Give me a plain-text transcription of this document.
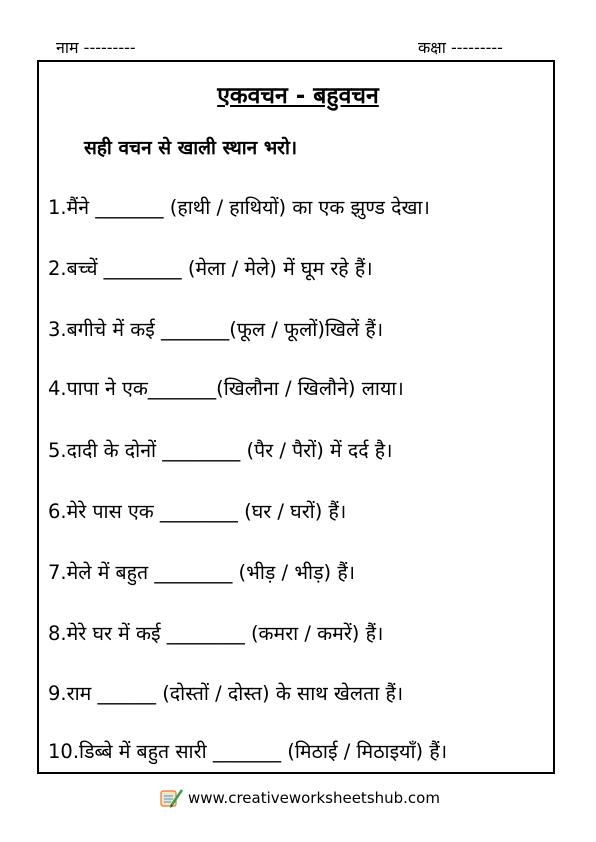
नाम ---------	कक्षा ---------
एकवचन - बहुवचन
सही वचन से खाली स्थान भरो।
1.मैंने _______ (हाथी / हाथियों) का एक झुण्ड देखा।
2.बच्चें ________ (मेला / मेले) में घूम रहे हैं।
3.बगीचे में कई _______(फूल / फूलों)खिलें हैं।
4.पापा ने एक_______(खिलौना / खिलौने) लाया।
5.दादी के दोनों ________ (पैर / पैरों) में दर्द है।
6.मेरे पास एक ________ (घर / घरों) हैं।
7.मेले में बहुत ________ (भीड़ / भीड़) हैं।
8.मेरे घर में कई ________ (कमरा / कमरें) हैं।
9.राम ______ (दोस्तों / दोस्त) के साथ खेलता हैं।
10.डिब्बे में बहुत सारी _______ (मिठाई / मिठाइयाँ) हैं।
www.creativeworksheetshub.com
